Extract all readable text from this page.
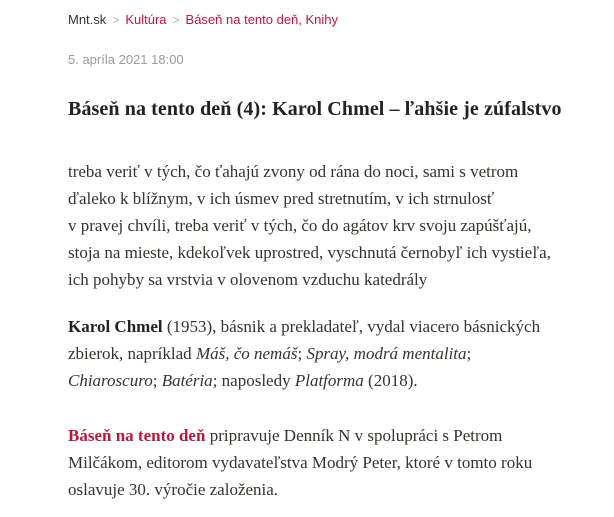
Mnt.sk > Kultúra > Báseň na tento deň, Knihy
5. apríla 2021 18:00
Báseň na tento deň (4): Karol Chmel – ľahšie je zúfalstvo
treba veriť v tých, čo ťahajú zvony od rána do noci, sami s vetrom
ďaleko k blížnym, v ich úsmev pred stretnutím, v ich strnulosť
v pravej chvíli, treba veriť v tých, čo do agátov krv svoju zapúšťajú,
stoja na mieste, kdekoľvek uprostred, vyschnutá černobyľ ich vystieľa,
ich pohyby sa vrstvia v olovenom vzduchu katedrály

Karol Chmel (1953), básnik a prekladateľ, vydal viacero básnických zbierok, napríklad Máš, čo nemáš; Spray, modrá mentalita; Chiaroscuro; Batéria; naposledy Platforma (2018).

Báseň na tento deň pripravuje Denník N v spolupráci s Petrom Milčákom, editorom vydavateľstva Modrý Peter, ktoré v tomto roku oslavuje 30. výročie založenia.
